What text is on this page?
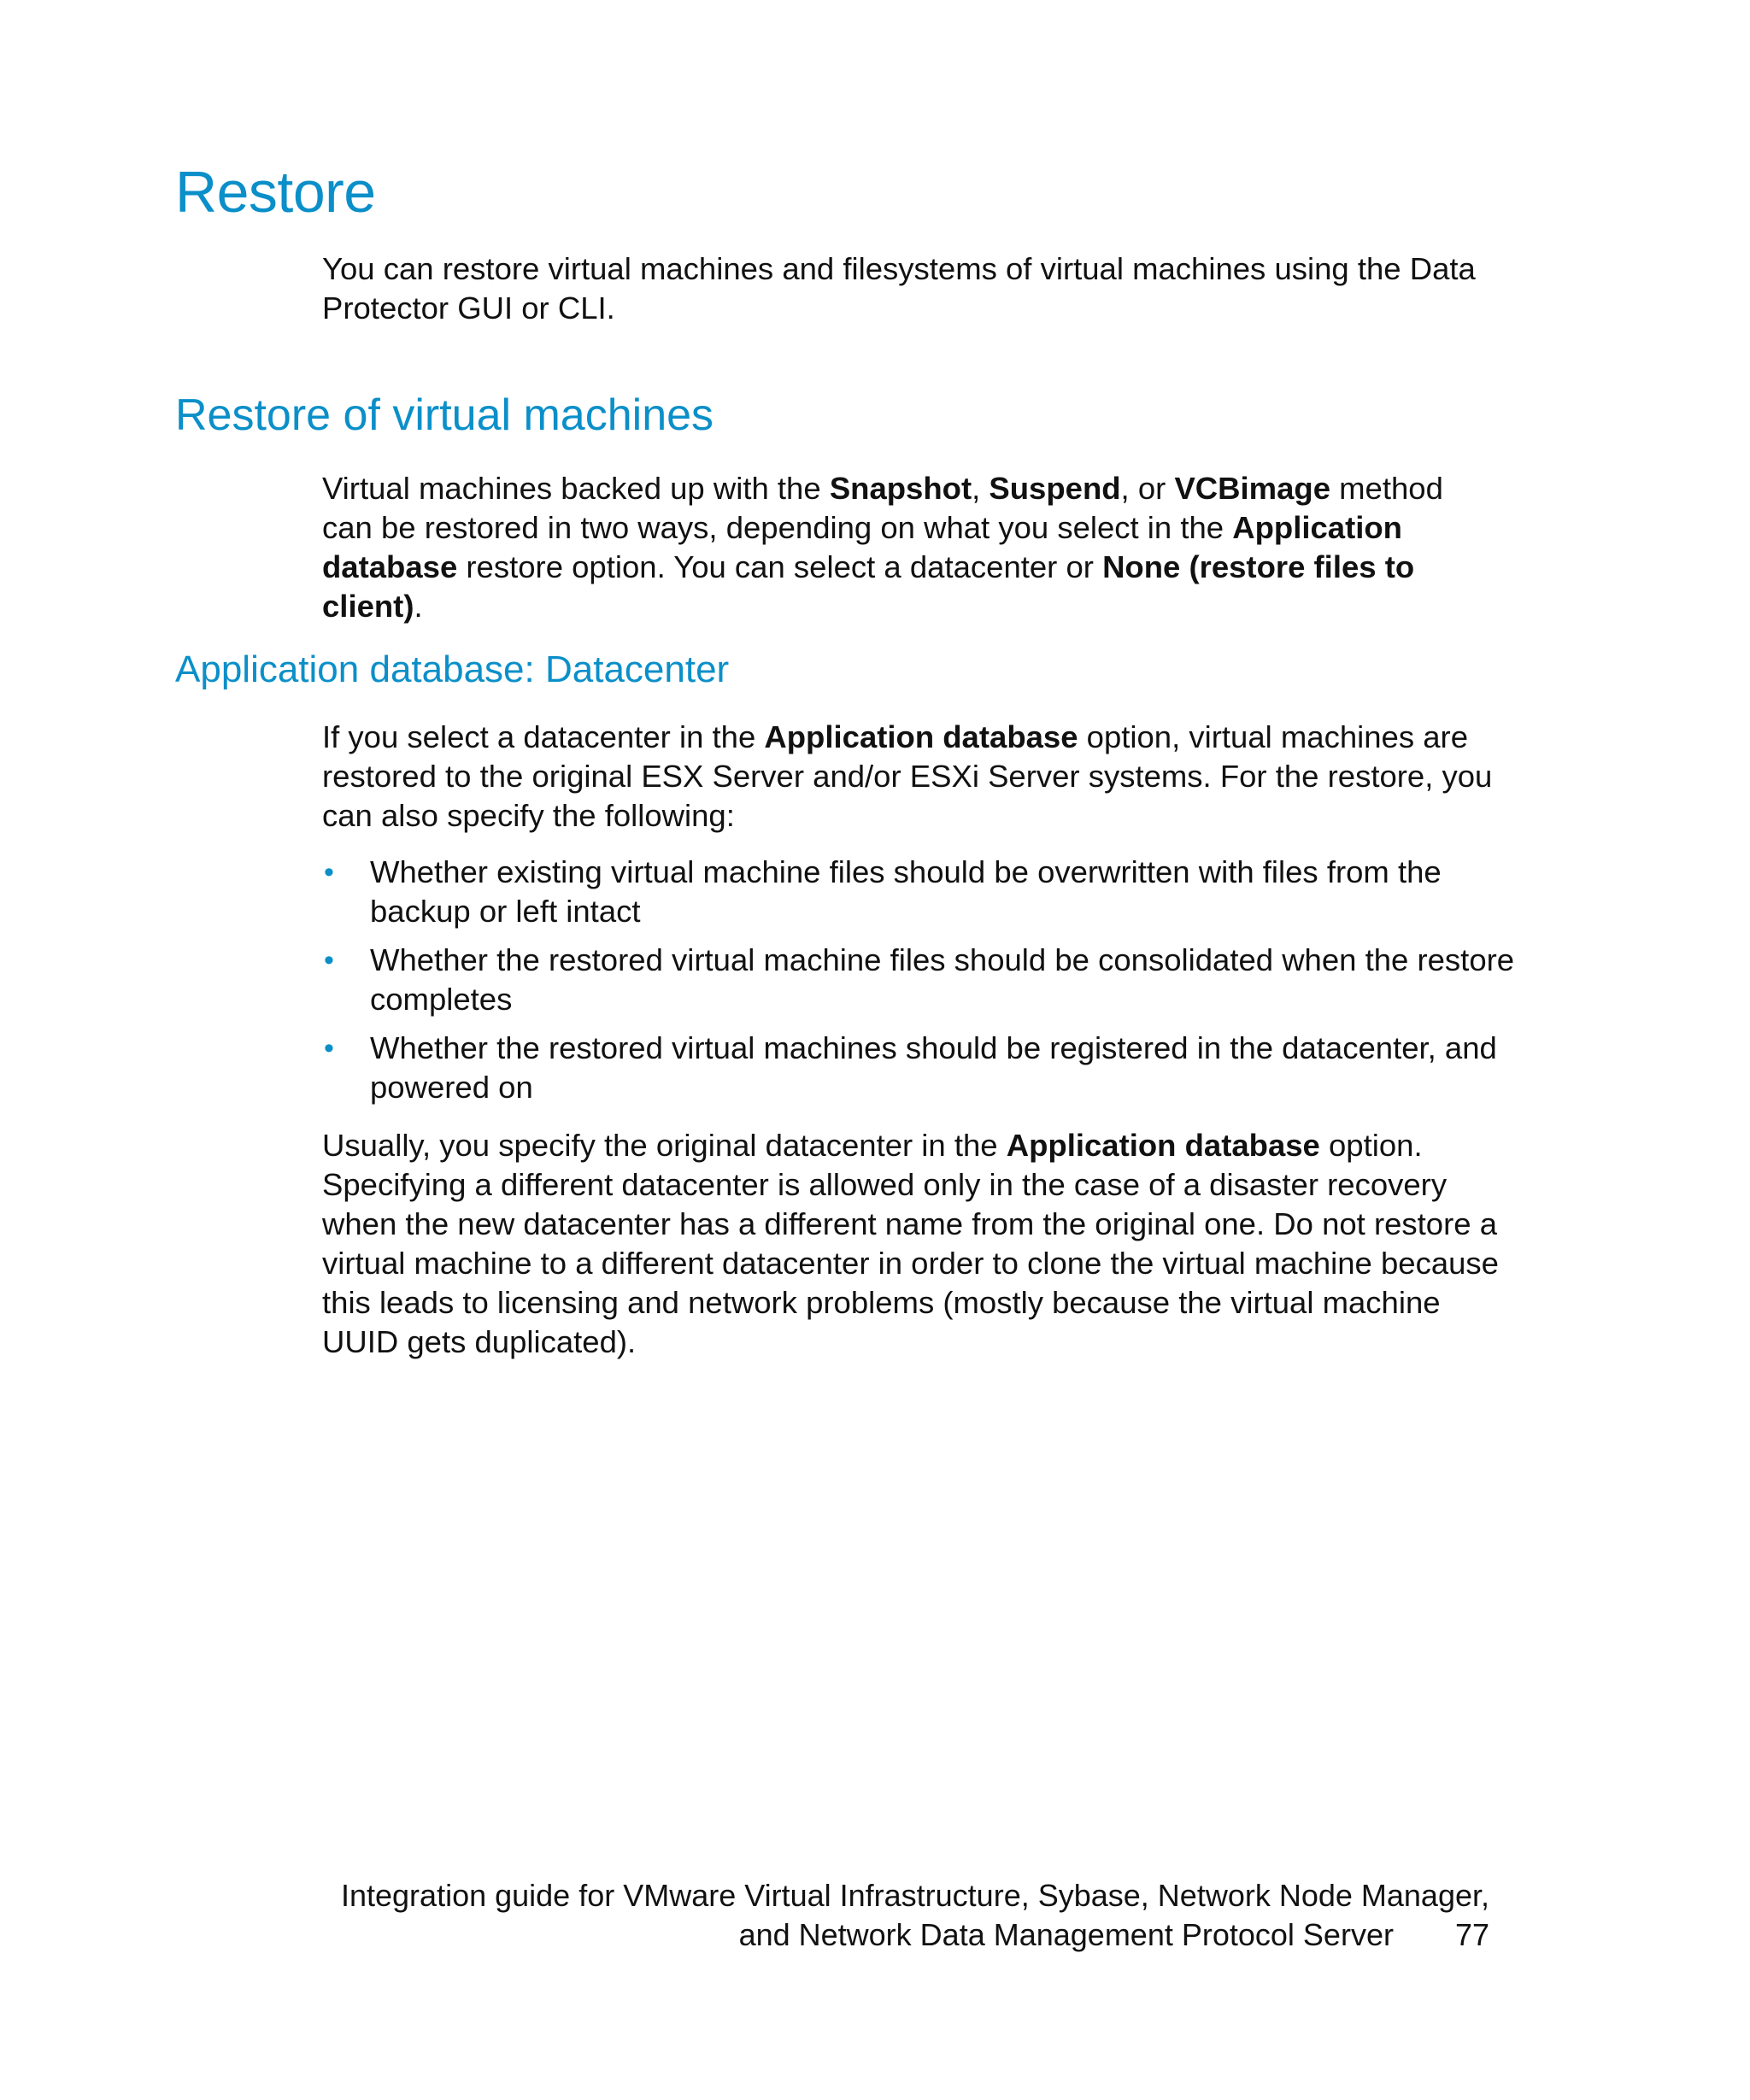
Restore

You can restore virtual machines and filesystems of virtual machines using the Data Protector GUI or CLI.

Restore of virtual machines

Virtual machines backed up with the Snapshot, Suspend, or VCBimage method can be restored in two ways, depending on what you select in the Application database restore option. You can select a datacenter or None (restore files to client).

Application database: Datacenter

If you select a datacenter in the Application database option, virtual machines are restored to the original ESX Server and/or ESXi Server systems. For the restore, you can also specify the following:

• Whether existing virtual machine files should be overwritten with files from the backup or left intact
• Whether the restored virtual machine files should be consolidated when the restore completes
• Whether the restored virtual machines should be registered in the datacenter, and powered on

Usually, you specify the original datacenter in the Application database option. Specifying a different datacenter is allowed only in the case of a disaster recovery when the new datacenter has a different name from the original one. Do not restore a virtual machine to a different datacenter in order to clone the virtual machine because this leads to licensing and network problems (mostly because the virtual machine UUID gets duplicated).

Integration guide for VMware Virtual Infrastructure, Sybase, Network Node Manager,
and Network Data Management Protocol Server 77
